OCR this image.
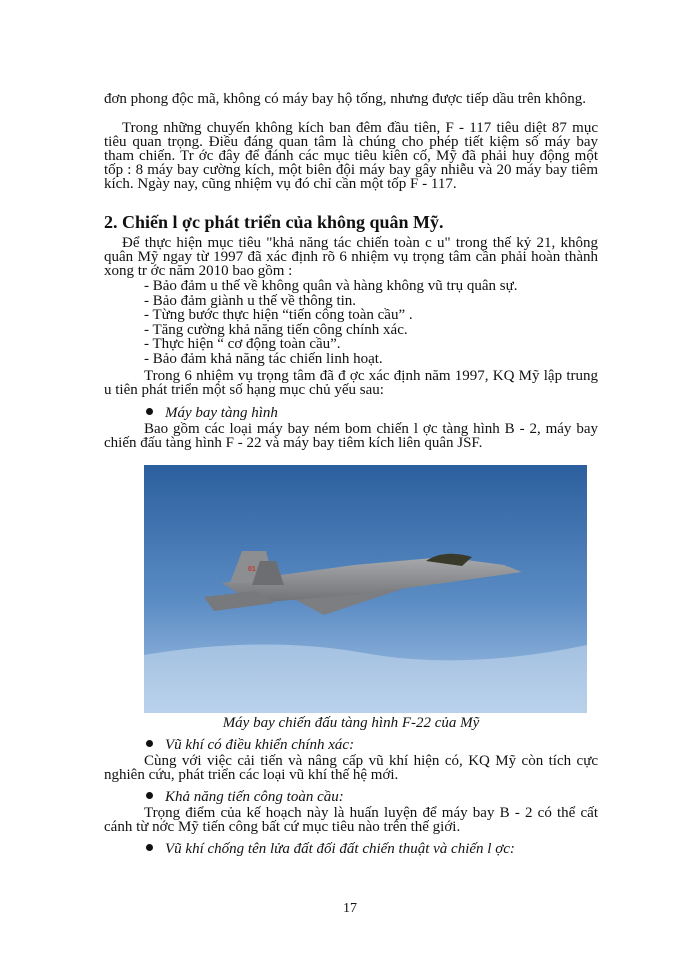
đơn phong độc mã, không có máy bay hộ tống, nhưng được tiếp dầu trên không.

Trong những chuyến không kích ban đêm đầu tiên, F - 117 tiêu diệt 87 mục tiêu quan trọng. Điều đáng quan tâm là chúng cho phép tiết kiệm số máy bay tham chiến. Tr ớc đây để đánh các mục tiêu kiên cố, Mỹ đã phải huy động một tốp : 8 máy bay cường kích, một biên đội máy bay gây nhiễu và 20 máy bay tiêm kích. Ngày nay, cũng nhiệm vụ đó chỉ cần một tốp F - 117.

2. Chiến l ợc phát triển của không quân Mỹ.

Để thực hiện mục tiêu "khả năng tác chiến toàn c u" trong thế kỷ 21, không quân Mỹ ngay từ 1997 đã xác định rõ 6 nhiệm vụ trọng tâm cần phải hoàn thành xong tr ớc năm 2010 bao gồm :

- Bảo đảm u thế về không quân và hàng không vũ trụ quân sự.
- Bảo đảm giành u thế về thông tin.
- Từng bước thực hiện “tiến công toàn cầu” .
- Tăng cường khả năng tiến công chính xác.
- Thực hiện “ cơ động toàn cầu”.
- Bảo đảm khả năng tác chiến linh hoạt.

Trong 6 nhiệm vụ trọng tâm đã đ ợc xác định năm 1997, KQ Mỹ lập trung u tiên phát triển một số hạng mục chủ yếu sau:

Máy bay tàng hình

Bao gồm các loại máy bay ném bom chiến l ợc tàng hình B - 2, máy bay chiến đấu tàng hình F - 22 và máy bay tiêm kích liên quân JSF.

01
Máy bay chiến đấu tàng hình F-22 của Mỹ
Vũ khí có điều khiển chính xác:

Cùng với việc cải tiến và nâng cấp vũ khí hiện có, KQ Mỹ còn tích cực nghiên cứu, phát triển các loại vũ khí thế hệ mới.

Khả năng tiến công toàn cầu:

Trọng điểm của kế hoạch này là huấn luyện để máy bay B - 2 có thể cất cánh từ nớc Mỹ tiến công bất cứ mục tiêu nào trên thế giới.

Vũ khí chống tên lửa đất đối đất chiến thuật và chiến l ợc:
17
